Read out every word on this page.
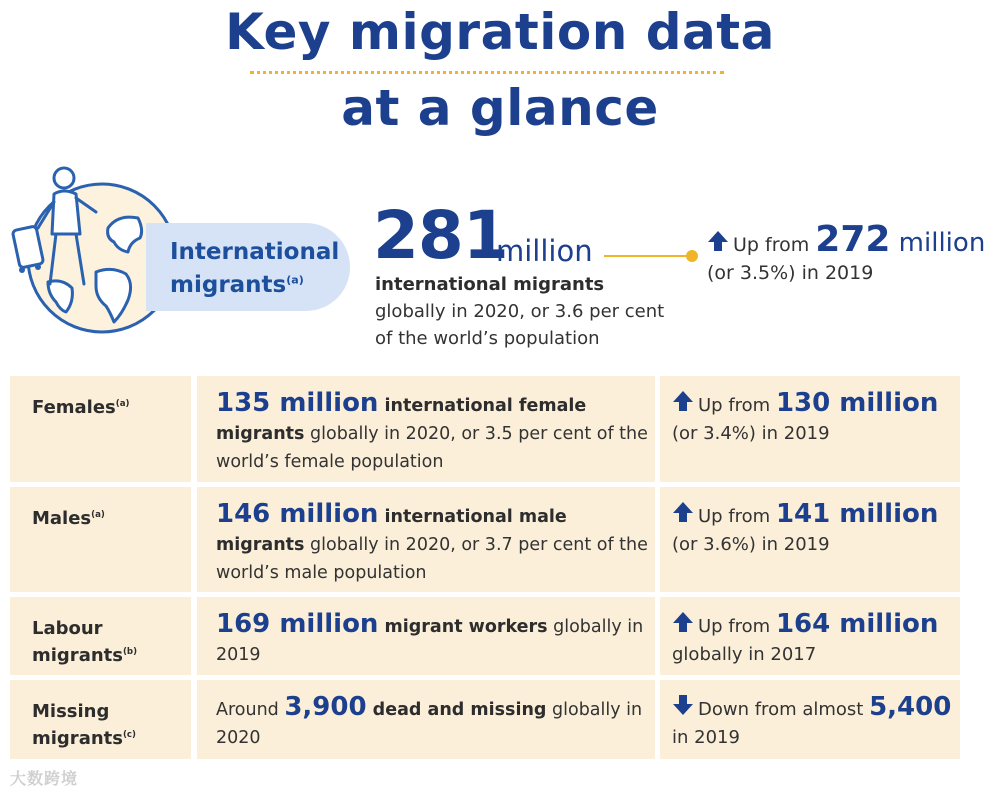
Key migration data
at a glance
International
migrants$^{(a)}$
281
million
international migrants globally in 2020, or 3.6 per cent of the world’s population
Up from 272 million
(or 3.5%) in 2019
Females$^{(a)}$	135 million international female migrants globally in 2020, or 3.5 per cent of the world’s female population
Up from 130 million
(or 3.4%) in 2019
Males$^{(a)}$	146 million international male migrants globally in 2020, or 3.7 per cent of the world’s male population
Up from 141 million
(or 3.6%) in 2019
Labour
migrants$^{(b)}$
169 million migrant workers globally in 2019
Up from 164 million
globally in 2017
Missing
migrants$^{(c)}$
Around 3,900 dead and missing globally in 2020
Down from almost 5,400
in 2019
大数跨境
